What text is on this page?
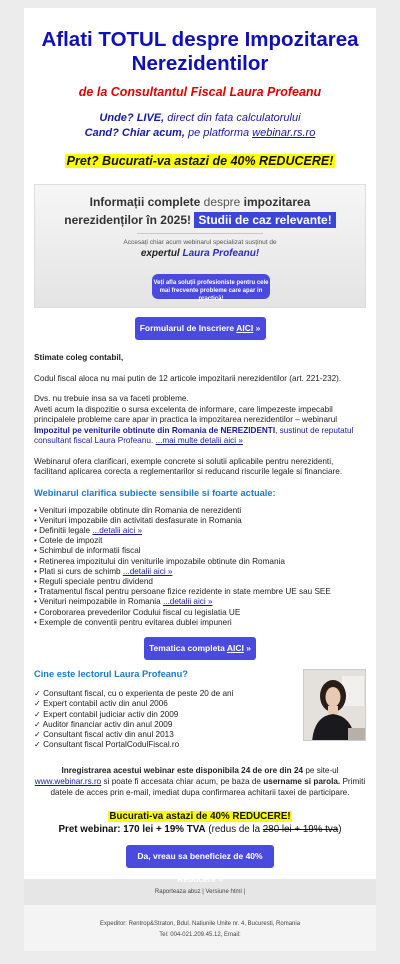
Aflati TOTUL despre Impozitarea Nerezidentilor
de la Consultantul Fiscal Laura Profeanu
Unde? LIVE, direct din fata calculatorului
Cand? Chiar acum, pe platforma webinar.rs.ro
Pret? Bucurati-va astazi de 40% REDUCERE!
Informații complete despre impozitarea
nerezidenților în 2025! Studii de caz relevante!
Accesați chiar acum webinarul specializat susținut de
expertul Laura Profeanu!
Veți afla soluții profesioniste pentru cele
mai frecvente probleme care apar in practică!
Formularul de Inscriere AICI »
Stimate coleg contabil,
Codul fiscal aloca nu mai putin de 12 articole impozitarii nerezidentilor (art. 221-232).
Dvs. nu trebuie insa sa va faceti probleme.
Aveti acum la dispozitie o sursa excelenta de informare, care limpezeste impecabil principalele probleme care apar in practica la impozitarea nerezidentilor – webinarul Impozitul pe veniturile obtinute din Romania de NEREZIDENTI, sustinut de reputatul consultant fiscal Laura Profeanu. ...mai multe detalii aici »
Webinarul ofera clarificari, exemple concrete si solutii aplicabile pentru nerezidenti, facilitand aplicarea corecta a reglementarilor si reducand riscurile legale si financiare.
Webinarul clarifica subiecte sensibile si foarte actuale:
• Venituri impozabile obtinute din Romania de nerezidenti
• Venituri impozabile din activitati desfasurate in Romania
• Definitii legale ...detalii aici »
• Cotele de impozit
• Schimbul de informatii fiscal
• Retinerea impozitului din veniturile impozabile obtinute din Romania
• Plati si curs de schimb ...detalii aici »
• Reguli speciale pentru dividend
• Tratamentul fiscal pentru persoane fizice rezidente in state membre UE sau SEE
• Venituri neimpozabile in Romania ...detalii aici »
• Coroborarea prevederilor Codului fiscal cu legislatia UE
• Exemple de conventii pentru evitarea dublei impuneri
Tematica completa AICI »
Cine este lectorul Laura Profeanu?
✓ Consultant fiscal, cu o experienta de peste 20 de ani
✓ Expert contabil activ din anul 2006
✓ Expert contabil judiciar activ din 2009
✓ Auditor financiar activ din anul 2009
✓ Consultant fiscal activ din anul 2013
✓ Consultant fiscal PortalCodulFiscal.ro
Inregistrarea acestui webinar este disponibila 24 de ore din 24 pe site-ul www.webinar.rs.ro si poate fi accesata chiar acum, pe baza de username si parola. Primiti datele de acces prin e-mail, imediat dupa confirmarea achitarii taxei de participare.
Bucurati-va astazi de 40% REDUCERE!
Pret webinar: 170 lei + 19% TVA (redus de la 280 lei + 19% tva)
Da, vreau sa beneficiez de 40%
Raporteaza abuz | Versiune html |
Expeditor: Rentrop&Straton, Bdul. Natiunile Unite nr. 4, Bucuresti, Romania
Tel: 004-021.209.45.12, Email:
